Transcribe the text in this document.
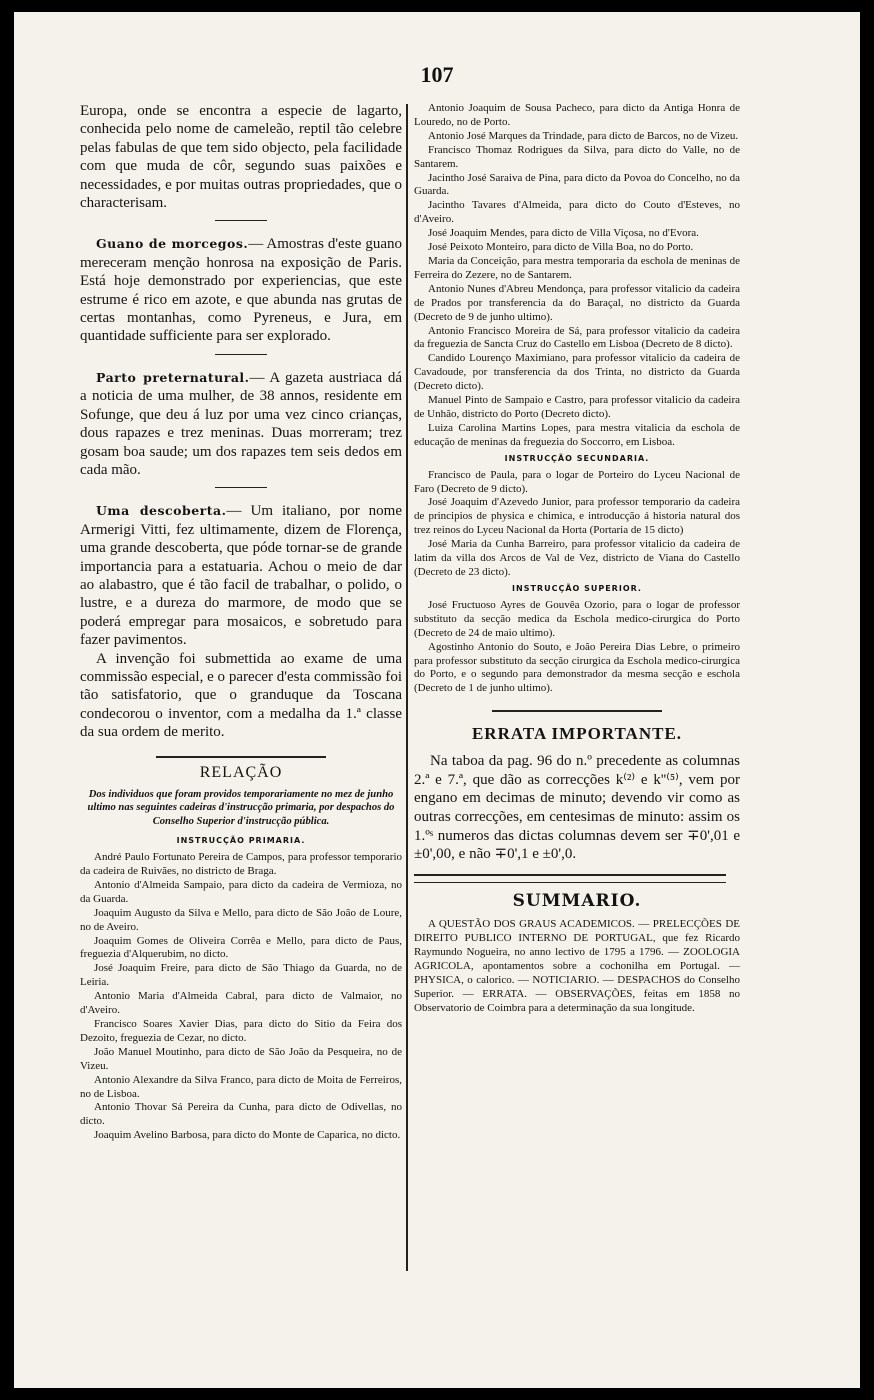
107

Europa, onde se encontra a especie de lagarto, conhecida pelo nome de cameleão, reptil tão celebre pelas fabulas de que tem sido objecto, pela facilidade com que muda de côr, segundo suas paixões e necessidades, e por muitas outras propriedades, que o characterisam.

Guano de morcegos.— Amostras d'este guano mereceram menção honrosa na exposição de Paris. Está hoje demonstrado por experiencias, que este estrume é rico em azote, e que abunda nas grutas de certas montanhas, como Pyreneus, e Jura, em quantidade sufficiente para ser explorado.

Parto preternatural.— A gazeta austriaca dá a noticia de uma mulher, de 38 annos, residente em Sofunge, que deu á luz por uma vez cinco crianças, dous rapazes e trez meninas. Duas morreram; trez gosam boa saude; um dos rapazes tem seis dedos em cada mão.

Uma descoberta.— Um italiano, por nome Armerigi Vitti, fez ultimamente, dizem de Florença, uma grande descoberta, que póde tornar-se de grande importancia para a estatuaria. Achou o meio de dar ao alabastro, que é tão facil de trabalhar, o polido, o lustre, e a dureza do marmore, de modo que se poderá empregar para mosaicos, e sobretudo para fazer pavimentos.

A invenção foi submettida ao exame de uma commissão especial, e o parecer d'esta commissão foi tão satisfatorio, que o granduque da Toscana condecorou o inventor, com a medalha da 1.ª classe da sua ordem de merito.

RELAÇÃO
Dos individuos que foram providos temporariamente no mez de junho ultimo nas seguintes cadeiras d'instrucção primaria, por despachos do Conselho Superior d'instrucção pública.
INSTRUCÇÃO PRIMARIA.

André Paulo Fortunato Pereira de Campos, para professor temporario da cadeira de Ruivães, no districto de Braga.

Antonio d'Almeida Sampaio, para dicto da cadeira de Vermioza, no da Guarda.

Joaquim Augusto da Silva e Mello, para dicto de São João de Loure, no de Aveiro.

Joaquim Gomes de Oliveira Corrêa e Mello, para dicto de Paus, freguezia d'Alquerubim, no dicto.

José Joaquim Freire, para dicto de São Thiago da Guarda, no de Leiria.

Antonio Maria d'Almeida Cabral, para dicto de Valmaior, no d'Aveiro.

Francisco Soares Xavier Dias, para dicto do Sitio da Feira dos Dezoito, freguezia de Cezar, no dicto.

João Manuel Moutinho, para dicto de São João da Pesqueira, no de Vizeu.

Antonio Alexandre da Silva Franco, para dicto de Moita de Ferreiros, no de Lisboa.

Antonio Thovar Sá Pereira da Cunha, para dicto de Odivellas, no dicto.

Joaquim Avelino Barbosa, para dicto do Monte de Caparica, no dicto.

Antonio Joaquim de Sousa Pacheco, para dicto da Antiga Honra de Louredo, no de Porto.

Antonio José Marques da Trindade, para dicto de Barcos, no de Vizeu.

Francisco Thomaz Rodrigues da Silva, para dicto do Valle, no de Santarem.

Jacintho José Saraiva de Pina, para dicto da Povoa do Concelho, no da Guarda.

Jacintho Tavares d'Almeida, para dicto do Couto d'Esteves, no d'Aveiro.

José Joaquim Mendes, para dicto de Villa Viçosa, no d'Evora.

José Peixoto Monteiro, para dicto de Villa Boa, no do Porto.

Maria da Conceição, para mestra temporaria da eschola de meninas de Ferreira do Zezere, no de Santarem.

Antonio Nunes d'Abreu Mendonça, para professor vitalicio da cadeira de Prados por transferencia da do Baraçal, no districto da Guarda (Decreto de 9 de junho ultimo).

Antonio Francisco Moreira de Sá, para professor vitalicio da cadeira da freguezia de Sancta Cruz do Castello em Lisboa (Decreto de 8 dicto).

Candido Lourenço Maximiano, para professor vitalicio da cadeira de Cavadoude, por transferencia da dos Trinta, no districto da Guarda (Decreto dicto).

Manuel Pinto de Sampaio e Castro, para professor vitalicio da cadeira de Unhão, districto do Porto (Decreto dicto).

Luiza Carolina Martins Lopes, para mestra vitalicia da eschola de educação de meninas da freguezia do Soccorro, em Lisboa.

INSTRUCÇÃO SECUNDARIA.

Francisco de Paula, para o logar de Porteiro do Lyceu Nacional de Faro (Decreto de 9 dicto).

José Joaquim d'Azevedo Junior, para professor temporario da cadeira de principios de physica e chimica, e introducção á historia natural dos trez reinos do Lyceu Nacional da Horta (Portaria de 15 dicto)

José Maria da Cunha Barreiro, para professor vitalicio da cadeira de latim da villa dos Arcos de Val de Vez, districto de Viana do Castello (Decreto de 23 dicto).

INSTRUCÇÃO SUPERIOR.

José Fructuoso Ayres de Gouvêa Ozorio, para o logar de professor substituto da secção medica da Eschola medico-cirurgica do Porto (Decreto de 24 de maio ultimo).

Agostinho Antonio do Souto, e João Pereira Dias Lebre, o primeiro para professor substituto da secção cirurgica da Eschola medico-cirurgica do Porto, e o segundo para demonstrador da mesma secção e eschola (Decreto de 1 de junho ultimo).

ERRATA IMPORTANTE.

Na taboa da pag. 96 do n.º precedente as columnas 2.ª e 7.ª, que dão as correcções k⁽²⁾ e k''⁽⁵⁾, vem por engano em decimas de minuto; devendo vir como as outras correcções, em centesimas de minuto: assim os 1.ºˢ numeros das dictas columnas devem ser ∓0',01 e ±0',00, e não ∓0',1 e ±0',0.

SUMMARIO.

A QUESTÃO DOS GRAUS ACADEMICOS. — PRELECÇÕES DE DIREITO PUBLICO INTERNO DE PORTUGAL, que fez Ricardo Raymundo Nogueira, no anno lectivo de 1795 a 1796. — ZOOLOGIA AGRICOLA, apontamentos sobre a cochonilha em Portugal. — PHYSICA, o calorico. — NOTICIARIO. — DESPACHOS do Conselho Superior. — ERRATA. — OBSERVAÇÕES, feitas em 1858 no Observatorio de Coimbra para a determinação da sua longitude.
